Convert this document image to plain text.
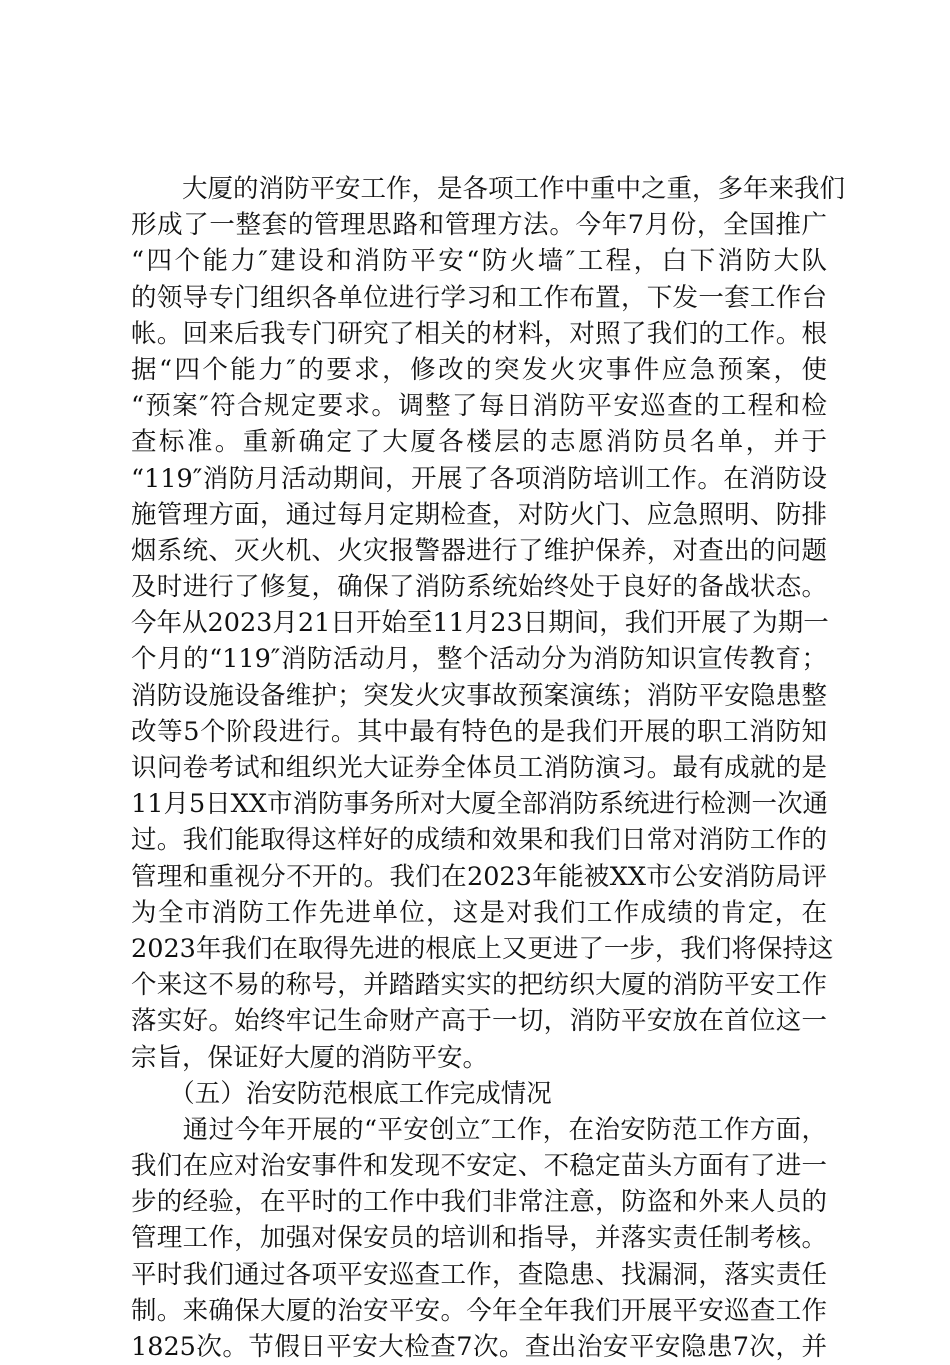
　　大厦的消防平安工作，是各项工作中重中之重，多年来我们
形成了一整套的管理思路和管理方法。今年7月份，全国推广
“四个能力″建设和消防平安“防火墙″工程，白下消防大队
的领导专门组织各单位进行学习和工作布置，下发一套工作台
帐。回来后我专门研究了相关的材料，对照了我们的工作。根
据“四个能力″的要求，修改的突发火灾事件应急预案，使
“预案″符合规定要求。调整了每日消防平安巡查的工程和检
查标准。重新确定了大厦各楼层的志愿消防员名单，并于
“119″消防月活动期间，开展了各项消防培训工作。在消防设
施管理方面，通过每月定期检查，对防火门、应急照明、防排
烟系统、灭火机、火灾报警器进行了维护保养，对查出的问题
及时进行了修复，确保了消防系统始终处于良好的备战状态。
今年从2023月21日开始至11月23日期间，我们开展了为期一
个月的“119″消防活动月，整个活动分为消防知识宣传教育；
消防设施设备维护；突发火灾事故预案演练；消防平安隐患整
改等5个阶段进行。其中最有特色的是我们开展的职工消防知
识问卷考试和组织光大证券全体员工消防演习。最有成就的是
11月5日XX市消防事务所对大厦全部消防系统进行检测一次通
过。我们能取得这样好的成绩和效果和我们日常对消防工作的
管理和重视分不开的。我们在2023年能被XX市公安消防局评
为全市消防工作先进单位，这是对我们工作成绩的肯定，在
2023年我们在取得先进的根底上又更进了一步，我们将保持这
个来这不易的称号，并踏踏实实的把纺织大厦的消防平安工作
落实好。始终牢记生命财产高于一切，消防平安放在首位这一
宗旨，保证好大厦的消防平安。
　　（五）治安防范根底工作完成情况
　　通过今年开展的“平安创立″工作，在治安防范工作方面，
我们在应对治安事件和发现不安定、不稳定苗头方面有了进一
步的经验，在平时的工作中我们非常注意，防盗和外来人员的
管理工作，加强对保安员的培训和指导，并落实责任制考核。
平时我们通过各项平安巡查工作，查隐患、找漏洞，落实责任
制。来确保大厦的治安平安。今年全年我们开展平安巡查工作
1825次。节假日平安大检查7次。查出治安平安隐患7次，并
